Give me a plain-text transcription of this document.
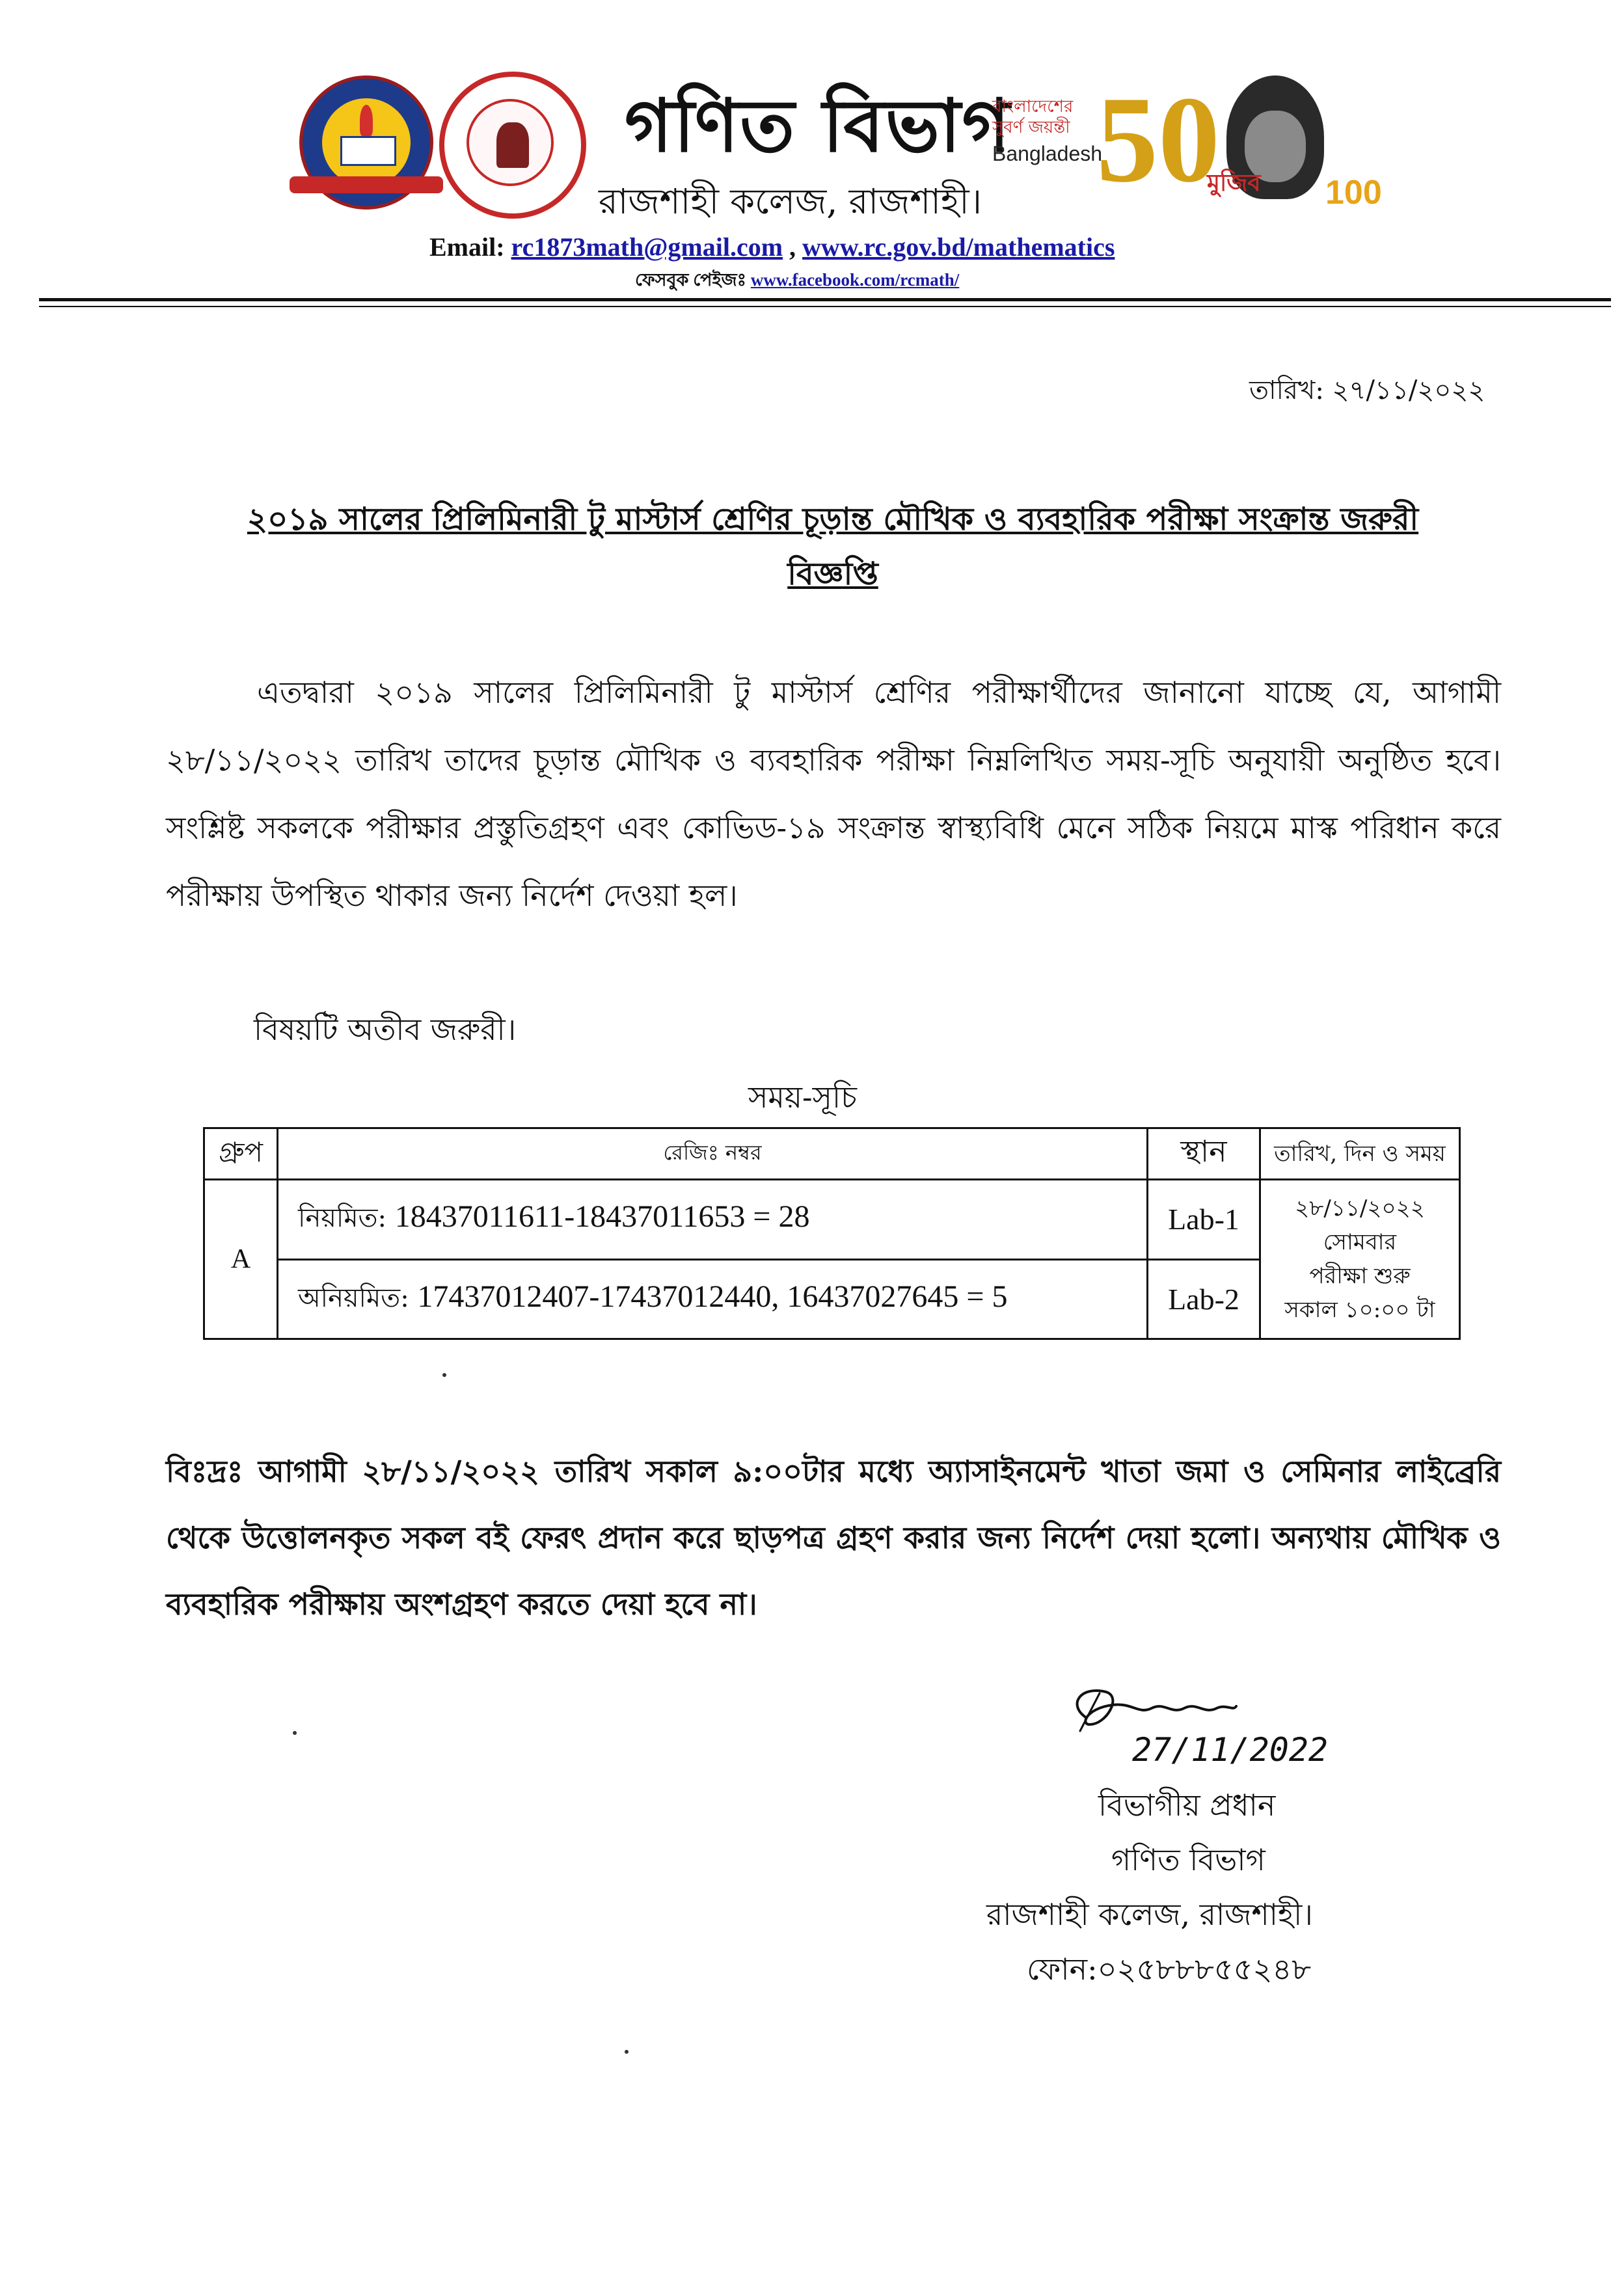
গণিত বিভাগ
রাজশাহী কলেজ, রাজশাহী।
বাংলাদেশের সুবর্ণ জয়ন্তী
Bangladesh
50
মুজিব 100
Email: rc1873math@gmail.com , www.rc.gov.bd/mathematics
ফেসবুক পেইজঃ www.facebook.com/rcmath/
তারিখ: ২৭/১১/২০২২
২০১৯ সালের প্রিলিমিনারী টু মাস্টার্স শ্রেণির চূড়ান্ত মৌখিক ও ব্যবহারিক পরীক্ষা সংক্রান্ত জরুরী
বিজ্ঞপ্তি
এতদ্বারা ২০১৯ সালের প্রিলিমিনারী টু মাস্টার্স শ্রেণির পরীক্ষার্থীদের জানানো যাচ্ছে যে, আগামী ২৮/১১/২০২২ তারিখ তাদের চূড়ান্ত মৌখিক ও ব্যবহারিক পরীক্ষা নিম্নলিখিত সময়-সূচি অনুযায়ী অনুষ্ঠিত হবে। সংশ্লিষ্ট সকলকে পরীক্ষার প্রস্তুতিগ্রহণ এবং কোভিড-১৯ সংক্রান্ত স্বাস্থ্যবিধি মেনে সঠিক নিয়মে মাস্ক পরিধান করে পরীক্ষায় উপস্থিত থাকার জন্য নির্দেশ দেওয়া হল।
বিষয়টি অতীব জরুরী।
সময়-সূচি
গ্রুপ	রেজিঃ নম্বর	স্থান	তারিখ, দিন ও সময়
A	নিয়মিত: 18437011611-18437011653 = 28	Lab-1	২৮/১১/২০২২
সোমবার
পরীক্ষা শুরু
সকাল ১০:০০ টা

	অনিয়মিত: 17437012407-17437012440, 16437027645 = 5	Lab-2	
বিঃদ্রঃ আগামী ২৮/১১/২০২২ তারিখ সকাল ৯:০০টার মধ্যে অ্যাসাইনমেন্ট খাতা জমা ও সেমিনার লাইব্রেরি থেকে উত্তোলনকৃত সকল বই ফেরৎ প্রদান করে ছাড়পত্র গ্রহণ করার জন্য নির্দেশ দেয়া হলো। অন্যথায় মৌখিক ও ব্যবহারিক পরীক্ষায় অংশগ্রহণ করতে দেয়া হবে না।
27/11/2022
বিভাগীয় প্রধান
গণিত বিভাগ
রাজশাহী কলেজ, রাজশাহী।
ফোন:০২৫৮৮৮৫৫২৪৮
